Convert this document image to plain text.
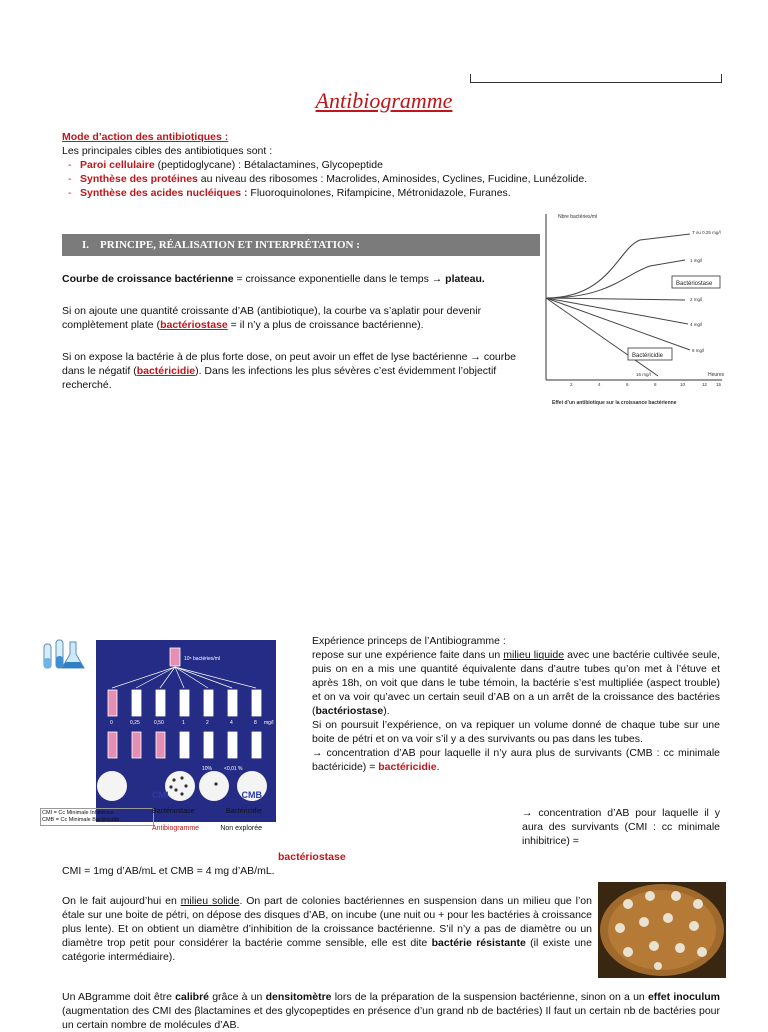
Antibiogramme
Mode d’action des antibiotiques :
Les principales cibles des antibiotiques sont :
- Paroi cellulaire (peptidoglycane) : Bétalactamines, Glycopeptide
- Synthèse des protéines au niveau des ribosomes : Macrolides, Aminosides, Cyclines, Fucidine, Lunézolide.
- Synthèse des acides nucléiques : Fluoroquinolones, Rifampicine, Métronidazole, Furanes.
I. PRINCIPE, RÉALISATION ET INTERPRÉTATION :
Courbe de croissance bactérienne = croissance exponentielle dans le temps → plateau.
Si on ajoute une quantité croissante d’AB (antibiotique), la courbe va s’aplatir pour devenir complètement plate (bactériostase = il n’y a plus de croissance bactérienne).
Si on expose la bactérie à de plus forte dose, on peut avoir un effet de lyse bactérienne → courbe dans le négatif (bactéricidie). Dans les infections les plus sévères c’est évidemment l’objectif recherché.
Nbre bactéries/ml
Heures
T ou 0.25 mg/l
1 mg/l
2 mg/l
4 mg/l
8 mg/l
16 mg/l
Bactériostase
Bactéricidie
2	4	6	8	10	12 15
Effet d’un antibiotique sur la croissance bactérienne
10⁵ bactéries/ml
0	0,25	0,50	1	2	4	8 mg/l
10% <0,01 %
CMI = Cc Minimale Inhibitrice
CMB = Cc Minimale Bactéricide
CMI	CMB
Bactériostase	Bactéricidie
Antibiogramme	Non explorée
Expérience princeps de l’Antibiogramme :
repose sur une expérience faite dans un milieu liquide avec une bactérie cultivée seule, puis on en a mis une quantité équivalente dans d’autre tubes qu’on met à l’étuve et après 18h, on voit que dans le tube témoin, la bactérie s’est multipliée (aspect trouble) et on va voir qu’avec un certain seuil d’AB on a un arrêt de la croissance des bactéries (bactériostase).
Si on poursuit l’expérience, on va repiquer un volume donné de chaque tube sur une boite de pétri et on va voir s’il y a des survivants ou pas dans les tubes.
→ concentration d’AB pour laquelle il n’y aura plus de survivants (CMB : cc minimale bactéricide) = bactéricidie.
→ concentration d’AB pour laquelle il y aura des survivants (CMI : cc minimale inhibitrice) =
bactériostase
CMI = 1mg d’AB/mL et CMB = 4 mg d’AB/mL.
On le fait aujourd’hui en milieu solide. On part de colonies bactériennes en suspension dans un milieu que l’on étale sur une boite de pétri, on dépose des disques d’AB, on incube (une nuit ou + pour les bactéries à croissance plus lente). Et on obtient un diamètre d’inhibition de la croissance bactérienne. S’il n’y a pas de diamètre ou un diamètre trop petit pour considérer la bactérie comme sensible, elle est dite bactérie résistante (il existe une catégorie intermédiaire).
Un ABgramme doit être calibré grâce à un densitomètre lors de la préparation de la suspension bactérienne, sinon on a un effet inoculum (augmentation des CMI des βlactamines et des glycopeptides en présence d’un grand nb de bactéries) Il faut un certain nb de bactéries pour un certain nombre de molécules d’AB.
